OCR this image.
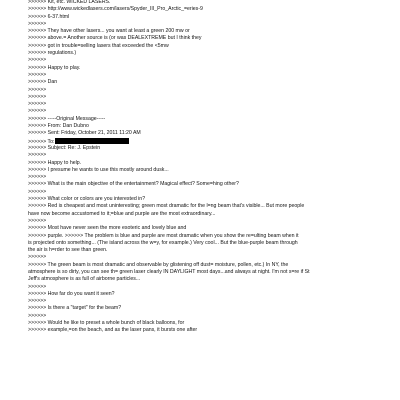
>>>>>> Kit, etc. WICKED LASERS.
>>>>>> http://www.wickedlasers.com/lasers/Spyder_III_Pro_Arctic_=eries-9
>>>>>> 6-37.html
>>>>>>
>>>>>> They have other lasers... you want at least a green 200 mw or
>>>>>> above.= Another source is (or was DEALEXTREME but I think they
>>>>>> got in trouble=selling lasers that exceeded the <5mw
>>>>>> regulations.)
>>>>>>
>>>>>> Happy to play.
>>>>>>
>>>>>> Dan
>>>>>>
>>>>>>
>>>>>>
>>>>>>
>>>>>> -----Original Message-----
>>>>>> From: Dan Dubno
>>>>>> Sent: Friday, October 21, 2011 11:20 AM
>>>>>> To:
>>>>>> Subject: Re: J. Epstein
>>>>>>
>>>>>> Happy to help.
>>>>>> I presume he wants to use this mostly around dusk...
>>>>>>
>>>>>> What is the main objective of the entertainment? Magical effect? Some=hing other?
>>>>>>
>>>>>> What color or colors are you interested in?
>>>>>> Red is cheapest and most uninteresting; green most dramatic for the l=ng beam that's visible... But more people
have now become accustomed to it;=blue and purple are the most extraordinary...
>>>>>>
>>>>>> Most have never seen the more esoteric and lovely blue and
>>>>>> purple. >>>>>> The problem is blue and purple are most dramatic when you show the re=ulting beam when it
is projected onto something... (The island across the w=y, for example.) Very cool... But the blue-purple beam through
the air is h=rder to see than green.
>>>>>>
>>>>>> The green beam is most dramatic and observable by glistening off dust= moisture, pollen, etc.) In NY, the
atmosphere is so dirty, you can see th= green laser clearly IN DAYLIGHT most days...and always at night. I'm not s=re if St
Jeff's atmosphere is as full of airborne particles...
>>>>>>
>>>>>> How far do you want it seen?
>>>>>>
>>>>>> Is there a "target" for the beam?
>>>>>>
>>>>>> Would he like to preset a whole bunch of black balloons, for
>>>>>> example,=on the beach, and as the laser pans, it bursts one after
